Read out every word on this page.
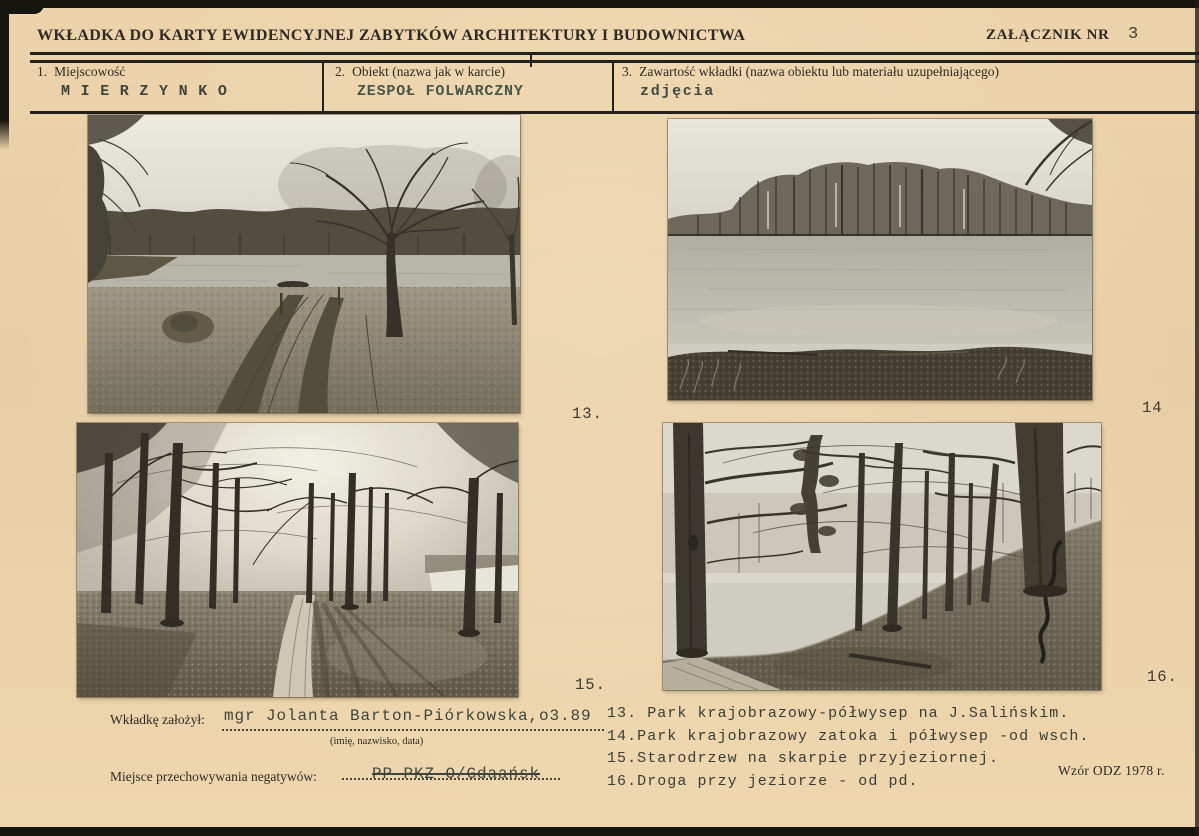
WKŁADKA DO KARTY EWIDENCYJNEJ ZABYTKÓW ARCHITEKTURY I BUDOWNICTWA	ZAŁĄCZNIK NR 3
1. Miejscowość
M I E R Z Y N K O
2. Obiekt (nazwa jak w karcie)
ZESPOŁ FOLWARCZNY
3. Zawartość wkładki (nazwa obiektu lub materiału uzupełniającego)
zdjęcia
13.	14
15.	16.
Wkładkę założył: mgr Jolanta Barton-Piórkowska,o3.89
(imię, nazwisko, data)
Miejsce przechowywania negatywów:	PP PKZ O/Gdaańsk
13. Park krajobrazowy-półwysep na J.Salińskim.
14.Park krajobrazowy zatoka i półwysep -od wsch.
15.Starodrzew na skarpie przyjeziornej.
16.Droga przy jeziorze - od pd.
Wzór ODZ 1978 r.
